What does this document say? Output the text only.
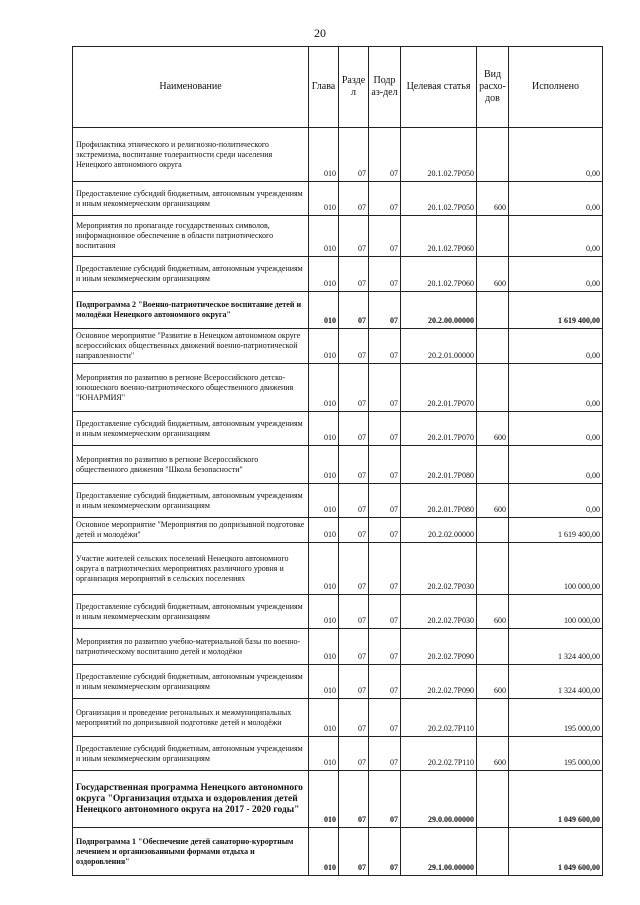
20
Наименование	Глава	Разде л	Подр аз-дел	Целевая статья	Вид расхо-дов	Исполнено
Профилактика этнического и религиозно-политического экстремизма, воспитание толерантности среди населения Ненецкого автономного округа	010	07	07	20.1.02.7Р050		0,00
Предоставление субсидий бюджетным, автономным учреждениям и иным некоммерческим организациям	010	07	07	20.1.02.7Р050	600	0,00
Мероприятия по пропаганде государственных символов, информационное обеспечение в области патриотического воспитания	010	07	07	20.1.02.7Р060		0,00
Предоставление субсидий бюджетным, автономным учреждениям и иным некоммерческим организациям	010	07	07	20.1.02.7Р060	600	0,00
Подпрограмма 2 "Военно-патриотическое воспитание детей и молодёжи Ненецкого автономного округа"	010	07	07	20.2.00.00000		1 619 400,00
Основное мероприятие "Развитие в Ненецком автономном округе всероссийских общественных движений военно-патриотической направленности"	010	07	07	20.2.01.00000		0,00
Мероприятия по развитию в регионе Всероссийского детско-юношеского военно-патриотического общественного движения "ЮНАРМИЯ"	010	07	07	20.2.01.7Р070		0,00
Предоставление субсидий бюджетным, автономным учреждениям и иным некоммерческим организациям	010	07	07	20.2.01.7Р070	600	0,00
Мероприятия по развитию в регионе Всероссийского общественного движения "Школа безопасности"	010	07	07	20.2.01.7Р080		0,00
Предоставление субсидий бюджетным, автономным учреждениям и иным некоммерческим организациям	010	07	07	20.2.01.7Р080	600	0,00
Основное мероприятие "Мероприятия по допризывной подготовке детей и молодёжи"	010	07	07	20.2.02.00000		1 619 400,00
Участие жителей сельских поселений Ненецкого автономного округа в патриотических мероприятиях различного уровня и организация мероприятий в сельских поселениях	010	07	07	20.2.02.7Р030		100 000,00
Предоставление субсидий бюджетным, автономным учреждениям и иным некоммерческим организациям	010	07	07	20.2.02.7Р030	600	100 000,00
Мероприятия по развитию учебно-материальной базы по военно-патриотическому воспитанию детей и молодёжи	010	07	07	20.2.02.7Р090		1 324 400,00
Предоставление субсидий бюджетным, автономным учреждениям и иным некоммерческим организациям	010	07	07	20.2.02.7Р090	600	1 324 400,00
Организация и проведение регональных и межмуниципальных мероприятий по допризывной подготовке детей и молодёжи	010	07	07	20.2.02.7Р110		195 000,00
Предоставление субсидий бюджетным, автономным учреждениям и иным некоммерческим организациям	010	07	07	20.2.02.7Р110	600	195 000,00
Государственная программа Ненецкого автономного округа "Организация отдыха и оздоровления детей Ненецкого автономного округа на 2017 - 2020 годы"	010	07	07	29.0.00.00000		1 049 600,00
Подпрограмма 1 "Обеспечение детей санаторно-курортным лечением и организованными формами отдыха и оздоровления"	010	07	07	29.1.00.00000		1 049 600,00
